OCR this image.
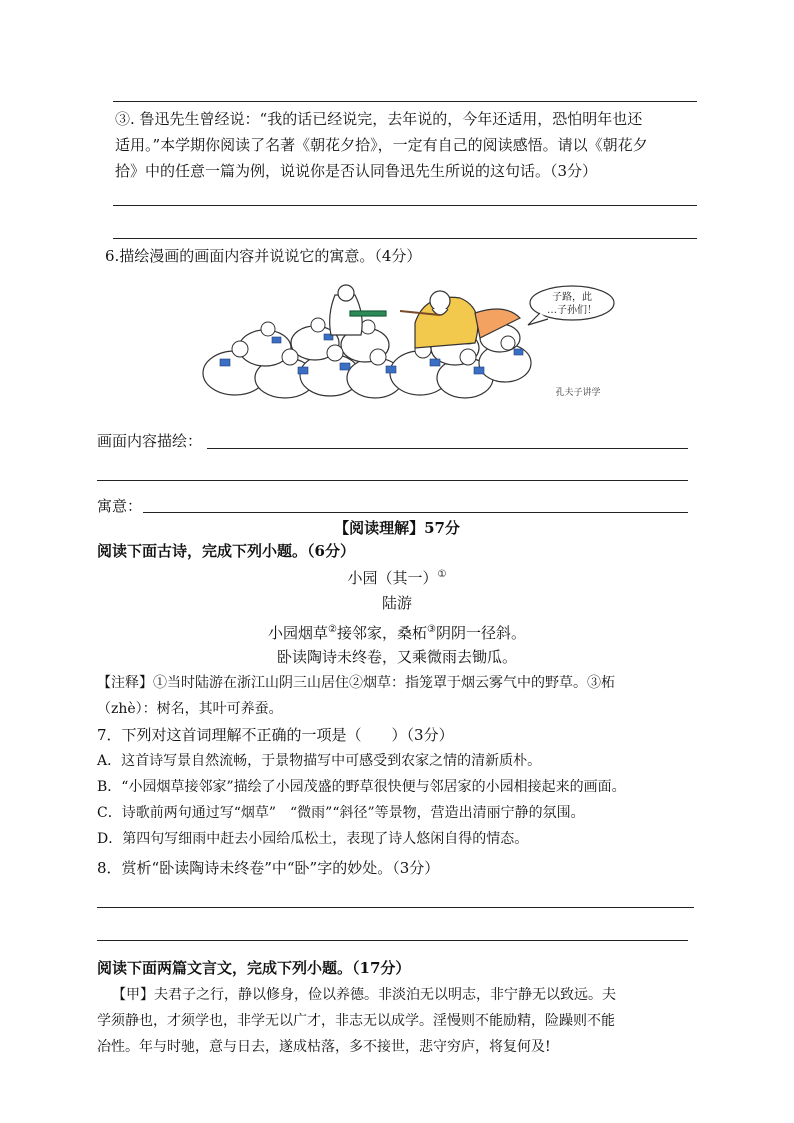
③. 鲁迅先生曾经说：“我的话已经说完，去年说的，今年还适用，恐怕明年也还
适用。”本学期你阅读了名著《朝花夕拾》，一定有自己的阅读感悟。请以《朝花夕
拾》中的任意一篇为例，说说你是否认同鲁迅先生所说的这句话。（3分）
6.描绘漫画的画面内容并说说它的寓意。（4分）
子路，此
…子孙们！
孔夫子讲学
画面内容描绘：
寓意：
【阅读理解】57分
阅读下面古诗，完成下列小题。（6分）
小园（其一）①
陆游
小园烟草②接邻家，桑柘③阴阴一径斜。
卧读陶诗未终卷，又乘微雨去锄瓜。
【注释】①当时陆游在浙江山阴三山居住②烟草：指笼罩于烟云雾气中的野草。③柘
（zhè）：树名，其叶可养蚕。
7．下列对这首词理解不正确的一项是（　　）（3分）
A．这首诗写景自然流畅，于景物描写中可感受到农家之情的清新质朴。
B．“小园烟草接邻家”描绘了小园茂盛的野草很快便与邻居家的小园相接起来的画面。
C．诗歌前两句通过写“烟草”　“微雨”“斜径”等景物，营造出清丽宁静的氛围。
D．第四句写细雨中赶去小园给瓜松土，表现了诗人悠闲自得的情态。
8．赏析“卧读陶诗未终卷”中“卧”字的妙处。（3分）
阅读下面两篇文言文，完成下列小题。（17分）
【甲】夫君子之行，静以修身，俭以养德。非淡泊无以明志，非宁静无以致远。夫
学须静也，才须学也，非学无以广才，非志无以成学。淫慢则不能励精，险躁则不能
冶性。年与时驰，意与日去，遂成枯落，多不接世，悲守穷庐，将复何及!
